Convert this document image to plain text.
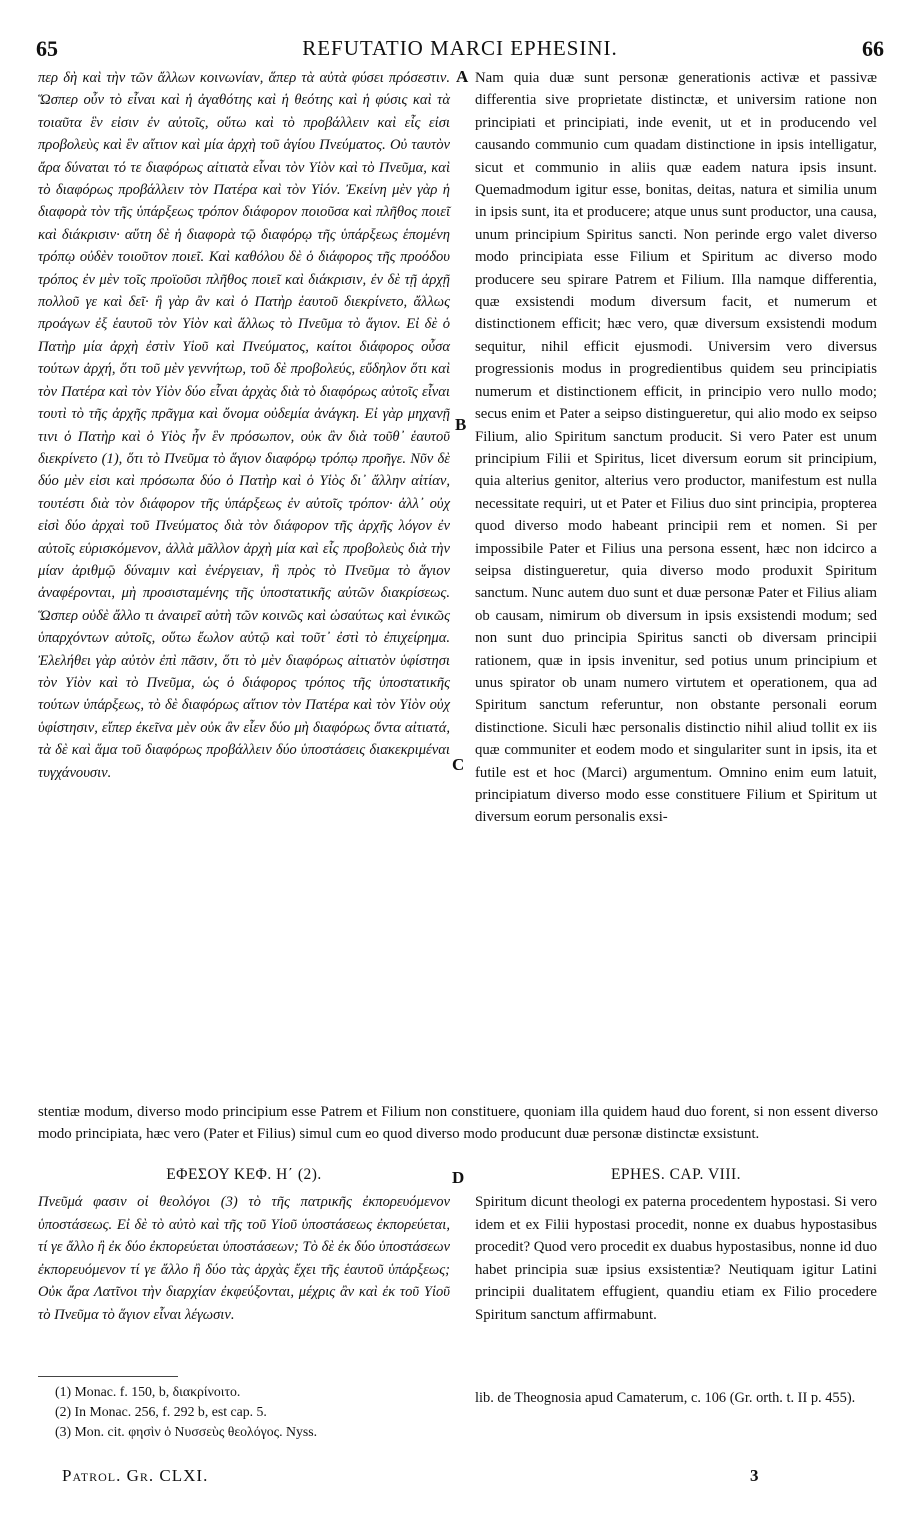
65	REFUTATIO MARCI EPHESINI.	66
A
B
C
D

περ δὴ καὶ τὴν τῶν ἄλλων κοινωνίαν, ἅπερ τὰ αὐτὰ φύσει πρόσεστιν. Ὥσπερ οὖν τὸ εἶναι καὶ ἡ ἀγαθότης καὶ ἡ θεότης καὶ ἡ φύσις καὶ τὰ τοιαῦτα ἓν εἰσιν ἐν αὐτοῖς, οὕτω καὶ τὸ προβάλλειν καὶ εἷς εἰσι προβολεὺς καὶ ἓν αἴτιον καὶ μία ἀρχὴ τοῦ ἁγίου Πνεύματος. Οὐ ταυτὸν ἄρα δύναται τό τε διαφόρως αἰτιατὰ εἶναι τὸν Υἱὸν καὶ τὸ Πνεῦμα, καὶ τὸ διαφόρως προβάλλειν τὸν Πατέρα καὶ τὸν Υἱόν. Ἐκείνη μὲν γὰρ ἡ διαφορὰ τὸν τῆς ὑπάρξεως τρόπον διάφορον ποιοῦσα καὶ πλῆθος ποιεῖ καὶ διάκρισιν· αὕτη δὲ ἡ διαφορὰ τῷ διαφόρῳ τῆς ὑπάρξεως ἑπομένη τρόπῳ οὐδὲν τοιοῦτον ποιεῖ. Καὶ καθόλου δὲ ὁ διάφορος τῆς προόδου τρόπος ἐν μὲν τοῖς προϊοῦσι πλῆθος ποιεῖ καὶ διάκρισιν, ἐν δὲ τῇ ἀρχῇ πολλοῦ γε καὶ δεῖ· ἢ γὰρ ἂν καὶ ὁ Πατὴρ ἑαυτοῦ διεκρίνετο, ἄλλως προάγων ἐξ ἑαυτοῦ τὸν Υἱὸν καὶ ἄλλως τὸ Πνεῦμα τὸ ἅγιον. Εἰ δὲ ὁ Πατὴρ μία ἀρχὴ ἐστὶν Υἱοῦ καὶ Πνεύματος, καίτοι διάφορος οὖσα τούτων ἀρχή, ὅτι τοῦ μὲν γεννήτωρ, τοῦ δὲ προβολεύς, εὔδηλον ὅτι καὶ τὸν Πατέρα καὶ τὸν Υἱὸν δύο εἶναι ἀρχὰς διὰ τὸ διαφόρως αὐτοῖς εἶναι τουτὶ τὸ τῆς ἀρχῆς πρᾶγμα καὶ ὄνομα οὐδεμία ἀνάγκη. Εἰ γὰρ μηχανῇ τινι ὁ Πατὴρ καὶ ὁ Υἱὸς ἦν ἓν πρόσωπον, οὐκ ἂν διὰ τοῦθ᾽ ἑαυτοῦ διεκρίνετο (1), ὅτι τὸ Πνεῦμα τὸ ἅγιον διαφόρῳ τρόπῳ προῆγε. Νῦν δὲ δύο μὲν εἰσι καὶ πρόσωπα δύο ὁ Πατὴρ καὶ ὁ Υἱὸς δι᾽ ἄλλην αἰτίαν, τουτέστι διὰ τὸν διάφορον τῆς ὑπάρξεως ἐν αὐτοῖς τρόπον· ἀλλ᾽ οὐχ εἰσὶ δύο ἀρχαὶ τοῦ Πνεύματος διὰ τὸν διάφορον τῆς ἀρχῆς λόγον ἐν αὐτοῖς εὑρισκόμενον, ἀλλὰ μᾶλλον ἀρχὴ μία καὶ εἷς προβολεὺς διὰ τὴν μίαν ἀριθμῷ δύναμιν καὶ ἐνέργειαν, ἣ πρὸς τὸ Πνεῦμα τὸ ἅγιον ἀναφέρονται, μὴ προσισταμένης τῆς ὑποστατικῆς αὐτῶν διακρίσεως. Ὥσπερ οὐδὲ ἄλλο τι ἀναιρεῖ αὐτὴ τῶν κοινῶς καὶ ὡσαύτως καὶ ἑνικῶς ὑπαρχόντων αὐτοῖς, οὕτω ἔωλον αὐτῷ καὶ τοῦτ᾽ ἐστὶ τὸ ἐπιχείρημα. Ἐλελήθει γὰρ αὐτὸν ἐπὶ πᾶσιν, ὅτι τὸ μὲν διαφόρως αἰτιατὸν ὑφίστησι τὸν Υἱὸν καὶ τὸ Πνεῦμα, ὡς ὁ διάφορος τρόπος τῆς ὑποστατικῆς τούτων ὑπάρξεως, τὸ δὲ διαφόρως αἴτιον τὸν Πατέρα καὶ τὸν Υἱὸν οὐχ ὑφίστησιν, εἴπερ ἐκεῖνα μὲν οὐκ ἂν εἶεν δύο μὴ διαφόρως ὄντα αἰτιατά, τὰ δὲ καὶ ἅμα τοῦ διαφόρως προβάλλειν δύο ὑποστάσεις διακεκριμέναι τυγχάνουσιν.

Nam quia duæ sunt personæ generationis activæ et passivæ differentia sive proprietate distinctæ, et universim ratione non principiati et principiati, inde evenit, ut et in producendo vel causando communio cum quadam distinctione in ipsis intelligatur, sicut et communio in aliis quæ eadem natura ipsis insunt. Quemadmodum igitur esse, bonitas, deitas, natura et similia unum in ipsis sunt, ita et producere; atque unus sunt productor, una causa, unum principium Spiritus sancti. Non perinde ergo valet diverso modo principiata esse Filium et Spiritum ac diverso modo producere seu spirare Patrem et Filium. Illa namque differentia, quæ exsistendi modum diversum facit, et numerum et distinctionem efficit; hæc vero, quæ diversum exsistendi modum sequitur, nihil efficit ejusmodi. Universim vero diversus progressionis modus in progredientibus quidem seu principiatis numerum et distinctionem efficit, in principio vero nullo modo; secus enim et Pater a seipso distingueretur, qui alio modo ex seipso Filium, alio Spiritum sanctum producit. Si vero Pater est unum principium Filii et Spiritus, licet diversum eorum sit principium, quia alterius genitor, alterius vero productor, manifestum est nulla necessitate requiri, ut et Pater et Filius duo sint principia, propterea quod diverso modo habeant principii rem et nomen. Si per impossibile Pater et Filius una persona essent, hæc non idcirco a seipsa distingueretur, quia diverso modo produxit Spiritum sanctum. Nunc autem duo sunt et duæ personæ Pater et Filius aliam ob causam, nimirum ob diversum in ipsis exsistendi modum; sed non sunt duo principia Spiritus sancti ob diversam principii rationem, quæ in ipsis invenitur, sed potius unum principium et unus spirator ob unam numero virtutem et operationem, qua ad Spiritum sanctum referuntur, non obstante personali eorum distinctione. Siculi hæc personalis distinctio nihil aliud tollit ex iis quæ communiter et eodem modo et singulariter sunt in ipsis, ita et futile est et hoc (Marci) argumentum. Omnino enim eum latuit, principiatum diverso modo esse constituere Filium et Spiritum ut diversum eorum personalis exsi-

stentiæ modum, diverso modo principium esse Patrem et Filium non constituere, quoniam illa quidem haud duo forent, si non essent diverso modo principiata, hæc vero (Pater et Filius) simul cum eo quod diverso modo producunt duæ personæ distinctæ exsistunt.

ΕΦΕΣΟΥ ΚΕΦ. Η΄ (2).	EPHES. CAP. VIII.

Πνεῦμά φασιν οἱ θεολόγοι (3) τὸ τῆς πατρικῆς ἐκπορευόμενον ὑποστάσεως. Εἰ δὲ τὸ αὐτὸ καὶ τῆς τοῦ Υἱοῦ ὑποστάσεως ἐκπορεύεται, τί γε ἄλλο ἢ ἐκ δύο ἐκπορεύεται ὑποστάσεων; Τὸ δὲ ἐκ δύο ὑποστάσεων ἐκπορευόμενον τί γε ἄλλο ἢ δύο τὰς ἀρχὰς ἔχει τῆς ἑαυτοῦ ὑπάρξεως; Οὐκ ἄρα Λατῖνοι τὴν διαρχίαν ἐκφεύξονται, μέχρις ἂν καὶ ἐκ τοῦ Υἱοῦ τὸ Πνεῦμα τὸ ἅγιον εἶναι λέγωσιν.

Spiritum dicunt theologi ex paterna procedentem hypostasi. Si vero idem et ex Filii hypostasi procedit, nonne ex duabus hypostasibus procedit? Quod vero procedit ex duabus hypostasibus, nonne id duo habet principia suæ ipsius exsistentiæ? Neutiquam igitur Latini principii dualitatem effugient, quandiu etiam ex Filio procedere Spiritum sanctum affirmabunt.

(1) Monac. f. 150, b, διακρίνοιτο.
(2) In Monac. 256, f. 292 b, est cap. 5.
(3) Mon. cit. φησὶν ὁ Νυσσεὺς θεολόγος. Nyss.
lib. de Theognosia apud Camaterum, c. 106 (Gr. orth. t. II p. 455).
Patrol. Gr. CLXI.	3
